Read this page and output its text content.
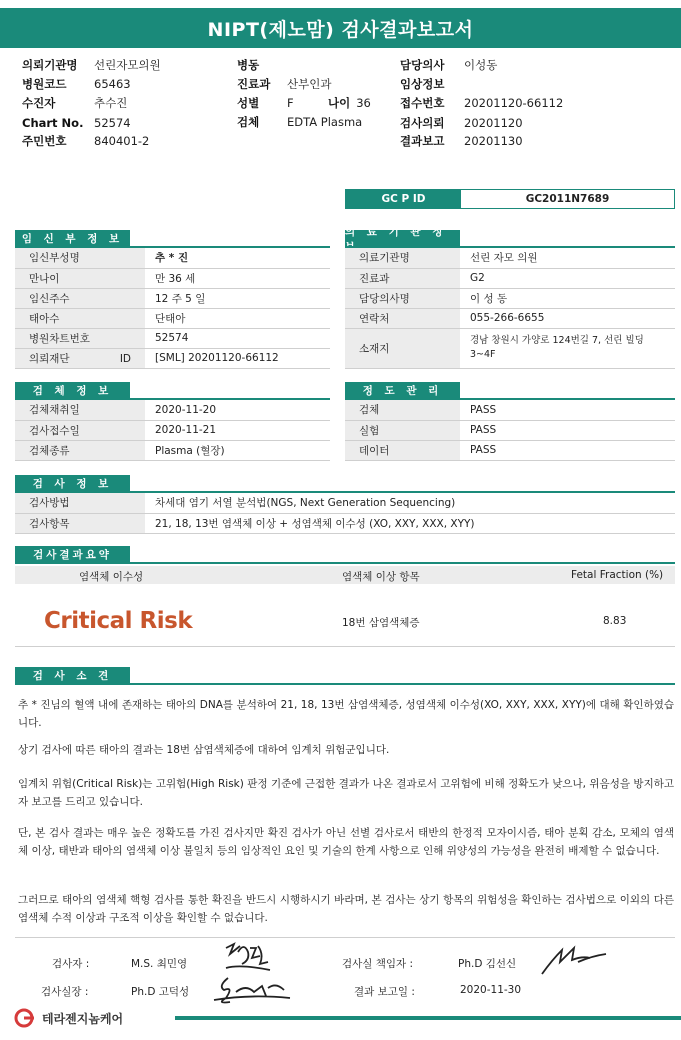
NIPT(제노맘) 검사결과보고서
의뢰기관명	선린자모의원
병원코드	65463
수진자	추수진
Chart No. 52574
주민번호	840401-2
병동
진료과	산부인과
성별	F	나이 36
검체	EDTA Plasma
담당의사	이성동
임상정보
접수번호	20201120-66112
검사의뢰	20201120
결과보고	20201130
GC P ID	GC2011N7689
임 신 부 정 보
임신부성명	추 * 진
만나이	만 36 세
임신주수	12 주 5 일
태아수	단태아
병원차트번호	52574
의뢰재단 ID	[SML] 20201120-66112
의 료 기 관 정
의료기관명	선린 자모 의원
진료과	G2
담당의사명	이 성 동
연락처	055-266-6655
소재지	경남 창원시 가양로 124번길 7, 선린 빌딩 3~4F
검 체 정 보
검체채취일	2020-11-20
검사접수일	2020-11-21
검체종류	Plasma (혈장)
정 도 관 리
검체	PASS
실험	PASS
데이터	PASS
검 사 정 보
검사방법	차세대 염기 서열 분석법(NGS, Next Generation Sequencing)
검사항목	21, 18, 13번 염색체 이상 + 성염색체 이수성 (XO, XXY, XXX, XYY)
검사결과요약
염색체 이수성	염색체 이상 항목	Fetal Fraction (%)
Critical Risk	18번 삼염색체증	8.83
검 사 소 견
추 * 진님의 혈액 내에 존재하는 태아의 DNA를 분석하여 21, 18, 13번 삼염색체증, 성염색체 이수성(XO, XXY, XXX, XYY)에 대해 확인하였습니다.
상기 검사에 따른 태아의 결과는 18번 삼염색체증에 대하여 임계치 위험군입니다.
임계치 위험(Critical Risk)는 고위험(High Risk) 판정 기준에 근접한 결과가 나온 결과로서 고위험에 비해 정확도가 낮으나, 위음성을 방지하고자 보고를 드리고 있습니다.
단, 본 검사 결과는 매우 높은 정확도를 가진 검사지만 확진 검사가 아닌 선별 검사로서 태반의 한정적 모자이시즘, 태아 분획 감소, 모체의 염색체 이상, 태반과 태아의 염색체 이상 불일치 등의 임상적인 요인 및 기술의 한계 사항으로 인해 위양성의 가능성을 완전히 배제할 수 없습니다.
그러므로 태아의 염색체 핵형 검사를 통한 확진을 반드시 시행하시기 바라며, 본 검사는 상기 항목의 위험성을 확인하는 검사법으로 이외의 다른 염색체 수적 이상과 구조적 이상을 확인할 수 없습니다.
검사자 :	M.S. 최민영
검사실장 :	Ph.D 고덕성
검사실 책임자 :	Ph.D 김선신
결과 보고일 :	2020-11-30
테라젠지놈케어
